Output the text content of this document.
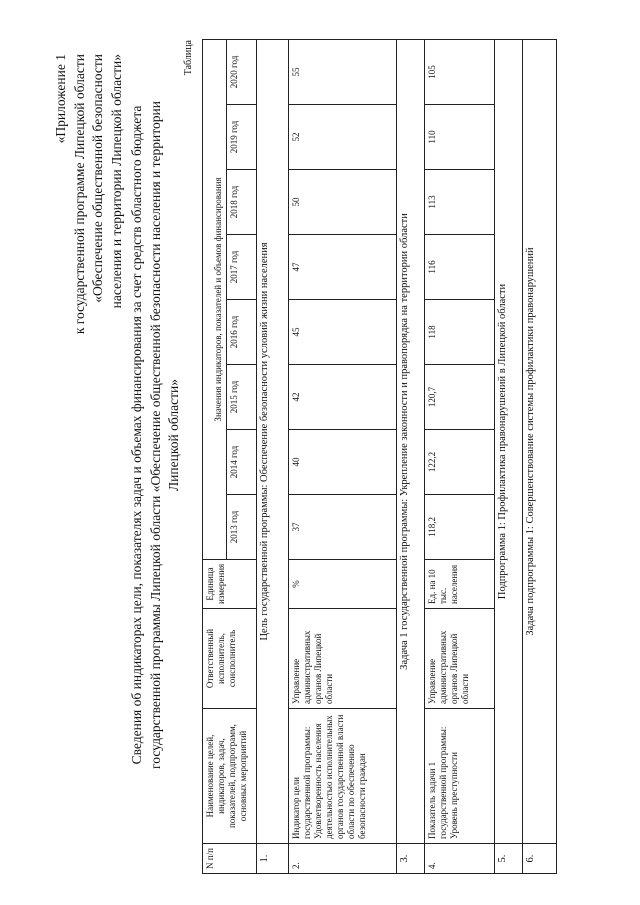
«Приложение 1 к государственной программе Липецкой области «Обеспечение общественной безопасности населения и территории Липецкой области» Сведения об индикаторах цели, показателях задач и объемах финансирования за счет средств областного бюджета государственной программы Липецкой области «Обеспечение общественной безопасности населения и территории Липецкой области»
Таблица
N п/п	Наименование целей, индикаторов, задач, показателей, подпрограмм, основных мероприятий	Ответственный исполнитель, соисполнитель	Единица измерения	Значения индикаторов, показателей и объемов финансирования							
				2013 год	2014 год	2015 год	2016 год	2017 год	2018 год	2019 год	2020 год
1.	Цель государственной программы: Обеспечение безопасности условий жизни населения										
2.	Индикатор цели государственной программы: Удовлетворенность населения деятельностью исполнительных органов государственной власти области по обеспечению безопасности граждан	Управление административных органов Липецкой области	%	37	40	42	45	47	50	52	55
3.	Задача 1 государственной программы: Укрепление законности и правопорядка на территории области										
4.	Показатель задачи 1 государственной программы: Уровень преступности	Управление административных органов Липецкой области	Ед. на 10 тыс. населения	118,2	122,2	120,7	118	116	113	110	105
5.	Подпрограмма 1: Профилактика правонарушений в Липецкой области										
6.	Задача подпрограммы 1: Совершенствование системы профилактики правонарушений										
